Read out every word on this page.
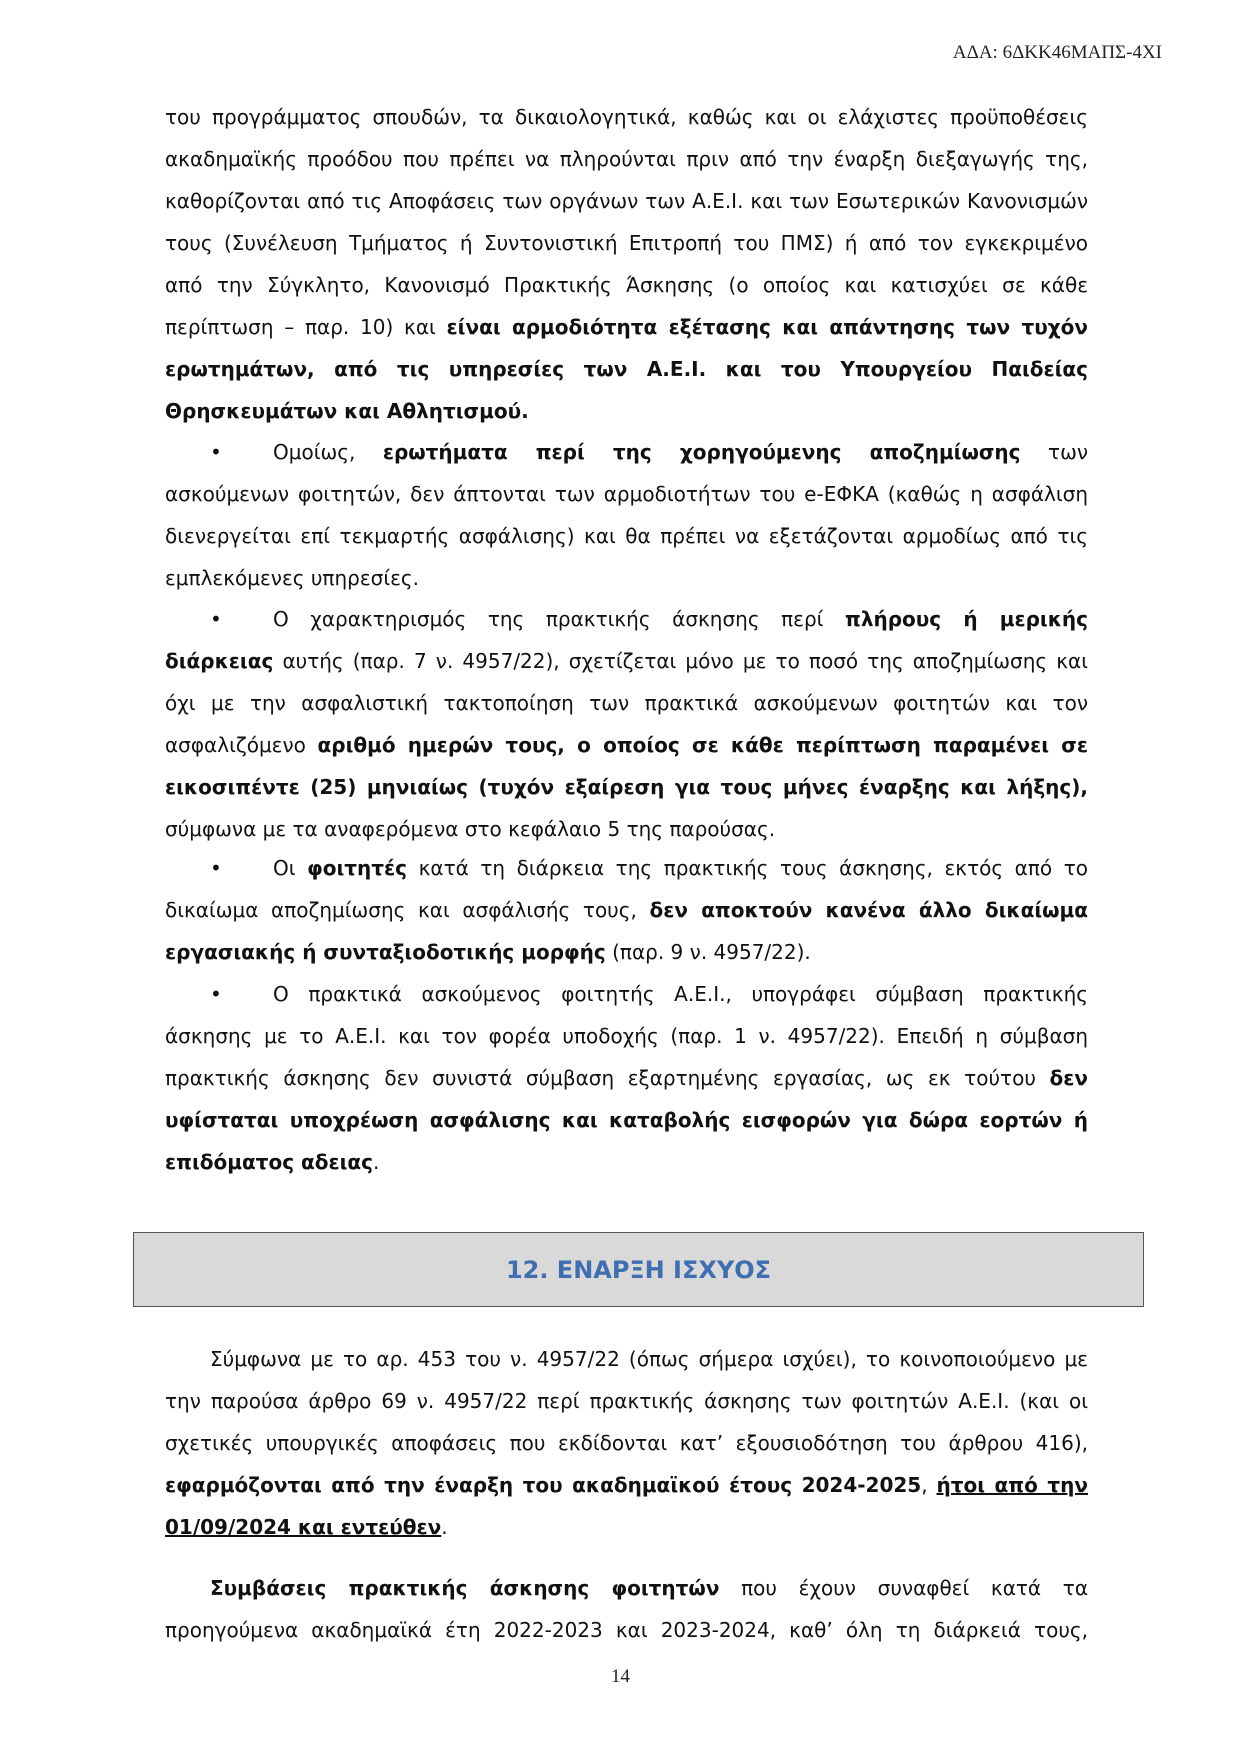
ΑΔΑ: 6ΔΚΚ46ΜΑΠΣ-4ΧΙ
του προγράμματος σπουδών, τα δικαιολογητικά, καθώς και οι ελάχιστες προϋποθέσεις
ακαδημαϊκής προόδου που πρέπει να πληρούνται πριν από την έναρξη διεξαγωγής της,
καθορίζονται από τις Αποφάσεις των οργάνων των Α.Ε.Ι. και των Εσωτερικών Κανονισμών
τους (Συνέλευση Τμήματος ή Συντονιστική Επιτροπή του ΠΜΣ) ή από τον εγκεκριμένο
από την Σύγκλητο, Κανονισμό Πρακτικής Άσκησης (ο οποίος και κατισχύει σε κάθε
περίπτωση – παρ. 10) και είναι αρμοδιότητα εξέτασης και απάντησης των τυχόν
ερωτημάτων, από τις υπηρεσίες των Α.Ε.Ι. και του Υπουργείου Παιδείας
Θρησκευμάτων και Αθλητισμού.
•	Ομοίως, ερωτήματα περί της χορηγούμενης αποζημίωσης των
ασκούμενων φοιτητών, δεν άπτονται των αρμοδιοτήτων του e-ΕΦΚΑ (καθώς η ασφάλιση
διενεργείται επί τεκμαρτής ασφάλισης) και θα πρέπει να εξετάζονται αρμοδίως από τις
εμπλεκόμενες υπηρεσίες.
•	Ο χαρακτηρισμός της πρακτικής άσκησης περί πλήρους ή μερικής
διάρκειας αυτής (παρ. 7 ν. 4957/22), σχετίζεται μόνο με το ποσό της αποζημίωσης και
όχι με την ασφαλιστική τακτοποίηση των πρακτικά ασκούμενων φοιτητών και τον
ασφαλιζόμενο αριθμό ημερών τους, ο οποίος σε κάθε περίπτωση παραμένει σε
εικοσιπέντε (25) μηνιαίως (τυχόν εξαίρεση για τους μήνες έναρξης και λήξης),
σύμφωνα με τα αναφερόμενα στο κεφάλαιο 5 της παρούσας.
•	Οι φοιτητές κατά τη διάρκεια της πρακτικής τους άσκησης, εκτός από το
δικαίωμα αποζημίωσης και ασφάλισής τους, δεν αποκτούν κανένα άλλο δικαίωμα
εργασιακής ή συνταξιοδοτικής μορφής (παρ. 9 ν. 4957/22).
•	Ο πρακτικά ασκούμενος φοιτητής Α.Ε.Ι., υπογράφει σύμβαση πρακτικής
άσκησης με το Α.Ε.Ι. και τον φορέα υποδοχής (παρ. 1 ν. 4957/22). Επειδή η σύμβαση
πρακτικής άσκησης δεν συνιστά σύμβαση εξαρτημένης εργασίας, ως εκ τούτου δεν
υφίσταται υποχρέωση ασφάλισης και καταβολής εισφορών για δώρα εορτών ή
επιδόματος αδειας.
12. ΕΝΑΡΞΗ ΙΣΧΥΟΣ
Σύμφωνα με το αρ. 453 του ν. 4957/22 (όπως σήμερα ισχύει), το κοινοποιούμενο με
την παρούσα άρθρο 69 ν. 4957/22 περί πρακτικής άσκησης των φοιτητών Α.Ε.Ι. (και οι
σχετικές υπουργικές αποφάσεις που εκδίδονται κατ’ εξουσιοδότηση του άρθρου 416),
εφαρμόζονται από την έναρξη του ακαδημαϊκού έτους 2024-2025, ήτοι από την
01/09/2024 και εντεύθεν.
Συμβάσεις πρακτικής άσκησης φοιτητών που έχουν συναφθεί κατά τα
προηγούμενα ακαδημαϊκά έτη 2022-2023 και 2023-2024, καθ’ όλη τη διάρκειά τους,
14
